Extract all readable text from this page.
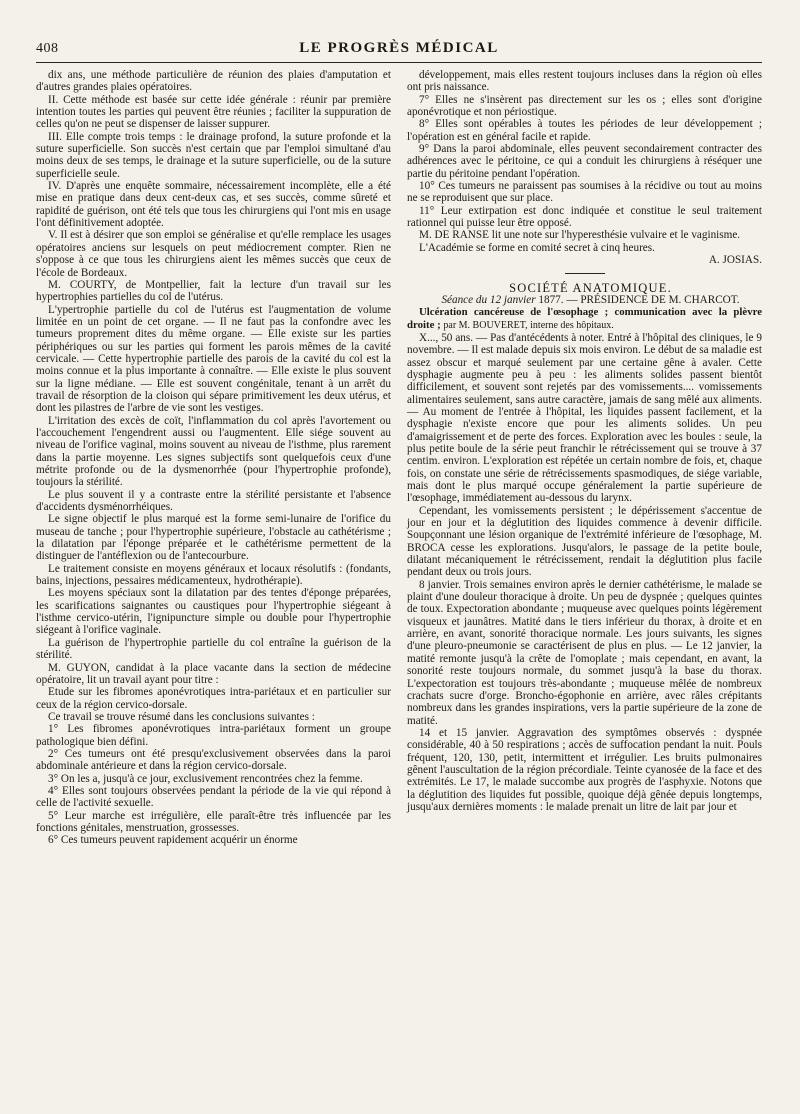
408	LE PROGRÈS MÉDICAL

dix ans, une méthode particulière de réunion des plaies d'amputation et d'autres grandes plaies opératoires.

II. Cette méthode est basée sur cette idée générale : réunir par première intention toutes les parties qui peuvent être réunies ; faciliter la suppuration de celles qu'on ne peut se dispenser de laisser suppurer.

III. Elle compte trois temps : le drainage profond, la suture profonde et la suture superficielle. Son succès n'est certain que par l'emploi simultané d'au moins deux de ses temps, le drainage et la suture superficielle, ou de la suture superficielle seule.

IV. D'après une enquête sommaire, nécessairement incomplète, elle a été mise en pratique dans deux cent-deux cas, et ses succès, comme sûreté et rapidité de guérison, ont été tels que tous les chirurgiens qui l'ont mis en usage l'ont définitivement adoptée.

V. Il est à désirer que son emploi se généralise et qu'elle remplace les usages opératoires anciens sur lesquels on peut médiocrement compter. Rien ne s'oppose à ce que tous les chirurgiens aient les mêmes succès que ceux de l'école de Bordeaux.

M. COURTY, de Montpellier, fait la lecture d'un travail sur les hypertrophies partielles du col de l'utérus.

L'ypertrophie partielle du col de l'utérus est l'augmentation de volume limitée en un point de cet organe. — Il ne faut pas la confondre avec les tumeurs proprement dites du même organe. — Elle existe sur les parties périphériques ou sur les parties qui forment les parois mêmes de la cavité cervicale. — Cette hypertrophie partielle des parois de la cavité du col est la moins connue et la plus importante à connaître. — Elle existe le plus souvent sur la ligne médiane. — Elle est souvent congénitale, tenant à un arrêt du travail de résorption de la cloison qui sépare primitivement les deux utérus, et dont les pilastres de l'arbre de vie sont les vestiges.

L'irritation des excès de coït, l'inflammation du col après l'avortement ou l'accouchement l'engendrent aussi ou l'augmentent. Elle siége souvent au niveau de l'orifice vaginal, moins souvent au niveau de l'isthme, plus rarement dans la partie moyenne. Les signes subjectifs sont quelquefois ceux d'une métrite profonde ou de la dysmenorrhée (pour l'hypertrophie profonde), toujours la stérilité.

Le plus souvent il y a contraste entre la stérilité persistante et l'absence d'accidents dysménorrhéiques.

Le signe objectif le plus marqué est la forme semi-lunaire de l'orifice du museau de tanche ; pour l'hypertrophie supérieure, l'obstacle au cathétérisme ; la dilatation par l'éponge préparée et le cathétérisme permettent de la distinguer de l'antéflexion ou de l'antecourbure.

Le traitement consiste en moyens généraux et locaux résolutifs : (fondants, bains, injections, pessaires médicamenteux, hydrothérapie).

Les moyens spéciaux sont la dilatation par des tentes d'éponge préparées, les scarifications saignantes ou caustiques pour l'hypertrophie siégeant à l'isthme cervico-utérin, l'ignipuncture simple ou double pour l'hypertrophie siégeant à l'orifice vaginale.

La guérison de l'hypertrophie partielle du col entraîne la guérison de la stérilité.

M. GUYON, candidat à la place vacante dans la section de médecine opératoire, lit un travail ayant pour titre :

Etude sur les fibromes aponévrotiques intra-pariétaux et en particulier sur ceux de la région cervico-dorsale.

Ce travail se trouve résumé dans les conclusions suivantes :

1° Les fibromes aponévrotiques intra-pariétaux forment un groupe pathologique bien défini.

2° Ces tumeurs ont été presqu'exclusivement observées dans la paroi abdominale antérieure et dans la région cervico-dorsale.

3° On les a, jusqu'à ce jour, exclusivement rencontrées chez la femme.

4° Elles sont toujours observées pendant la période de la vie qui répond à celle de l'activité sexuelle.

5° Leur marche est irrégulière, elle paraît-être très influencée par les fonctions génitales, menstruation, grossesses.

6° Ces tumeurs peuvent rapidement acquérir un énorme

développement, mais elles restent toujours incluses dans la région où elles ont pris naissance.

7° Elles ne s'insèrent pas directement sur les os ; elles sont d'origine aponévrotique et non périostique.

8° Elles sont opérables à toutes les périodes de leur développement ; l'opération est en général facile et rapide.

9° Dans la paroi abdominale, elles peuvent secondairement contracter des adhérences avec le péritoine, ce qui a conduit les chirurgiens à réséquer une partie du péritoine pendant l'opération.

10° Ces tumeurs ne paraissent pas soumises à la récidive ou tout au moins ne se reproduisent que sur place.

11° Leur extirpation est donc indiquée et constitue le seul traitement rationnel qui puisse leur être opposé.

M. DE RANSE lit une note sur l'hyperesthésie vulvaire et le vaginisme.

L'Académie se forme en comité secret à cinq heures.

A. JOSIAS.

SOCIÉTÉ ANATOMIQUE.

Séance du 12 janvier 1877. — PRÉSIDENCE DE M. CHARCOT.

Ulcération cancéreuse de l'œsophage ; communication avec la plèvre droite ; par M. BOUVERET, interne des hôpitaux.

X..., 50 ans. — Pas d'antécédents à noter. Entré à l'hôpital des cliniques, le 9 novembre. — Il est malade depuis six mois environ. Le début de sa maladie est assez obscur et marqué seulement par une certaine gêne à avaler. Cette dysphagie augmente peu à peu : les aliments solides passent bientôt difficilement, et souvent sont rejetés par des vomissements.... vomissements alimentaires seulement, sans autre caractère, jamais de sang mêlé aux aliments. — Au moment de l'entrée à l'hôpital, les liquides passent facilement, et la dysphagie n'existe encore que pour les aliments solides. Un peu d'amaigrissement et de perte des forces. Exploration avec les boules : seule, la plus petite boule de la série peut franchir le rétrécissement qui se trouve à 37 centim. environ. L'exploration est répétée un certain nombre de fois, et, chaque fois, on constate une série de rétrécissements spasmodiques, de siége variable, mais dont le plus marqué occupe généralement la partie supérieure de l'œsophage, immédiatement au-dessous du larynx.

Cependant, les vomissements persistent ; le dépérissement s'accentue de jour en jour et la déglutition des liquides commence à devenir difficile. Soupçonnant une lésion organique de l'extrémité inférieure de l'œsophage, M. BROCA cesse les explorations. Jusqu'alors, le passage de la petite boule, dilatant mécaniquement le rétrécissement, rendait la déglutition plus facile pendant deux ou trois jours.

8 janvier. Trois semaines environ après le dernier cathétérisme, le malade se plaint d'une douleur thoracique à droite. Un peu de dyspnée ; quelques quintes de toux. Expectoration abondante ; muqueuse avec quelques points légèrement visqueux et jaunâtres. Matité dans le tiers inférieur du thorax, à droite et en arrière, en avant, sonorité thoracique normale. Les jours suivants, les signes d'une pleuro-pneumonie se caractérisent de plus en plus. — Le 12 janvier, la matité remonte jusqu'à la crête de l'omoplate ; mais cependant, en avant, la sonorité reste toujours normale, du sommet jusqu'à la base du thorax. L'expectoration est toujours très-abondante ; muqueuse mêlée de nombreux crachats sucre d'orge. Broncho-égophonie en arrière, avec râles crépitants nombreux dans les grandes inspirations, vers la partie supérieure de la zone de matité.

14 et 15 janvier. Aggravation des symptômes observés : dyspnée considérable, 40 à 50 respirations ; accès de suffocation pendant la nuit. Pouls fréquent, 120, 130, petit, intermittent et irrégulier. Les bruits pulmonaires gênent l'auscultation de la région précordiale. Teinte cyanosée de la face et des extrémités. Le 17, le malade succombe aux progrès de l'asphyxie. Notons que la déglutition des liquides fut possible, quoique déjà gênée depuis longtemps, jusqu'aux dernières moments : le malade prenait un litre de lait par jour et
